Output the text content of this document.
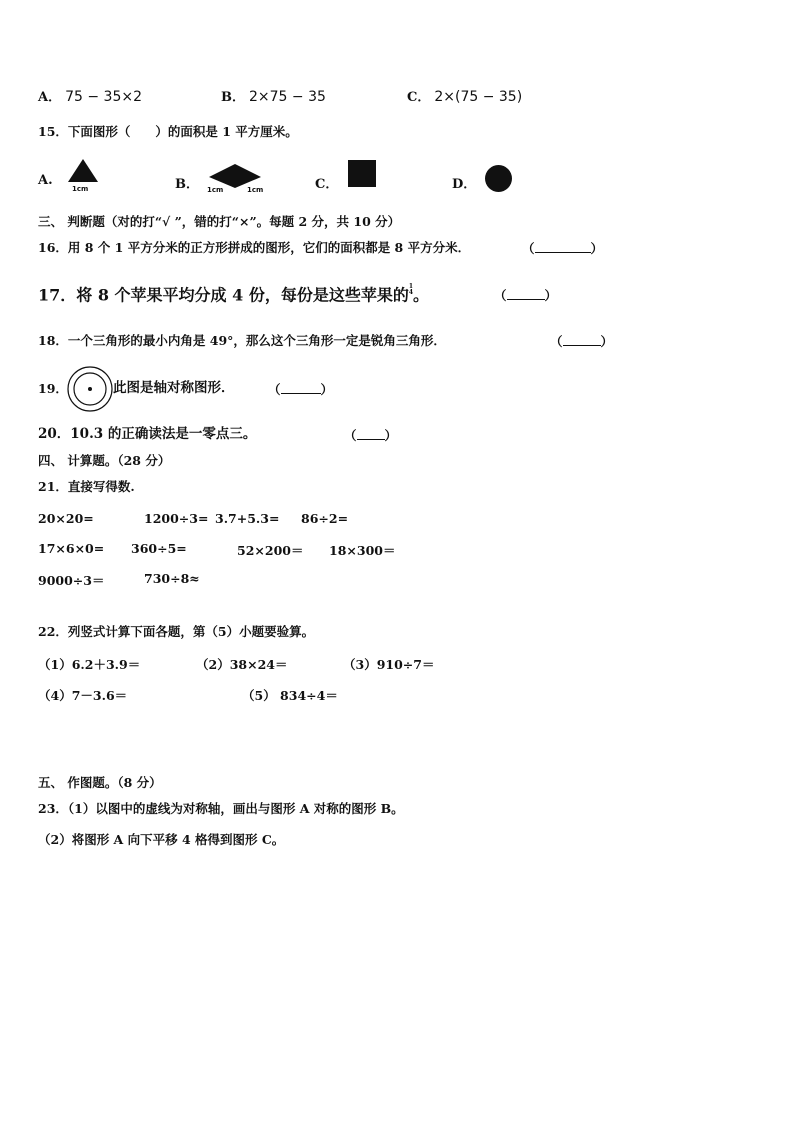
A． 75 − 35×2	B． 2×75 − 35	C． 2×(75 − 35)
15．下面图形（　　）的面积是 1 平方厘米。
A.
1cm	B． 1cm	1cm	C．	D．
三、 判断题（对的打“√ ”，错的打“×”。每题 2 分，共 10 分）
16．用 8 个 1 平方分米的正方形拼成的图形，它们的面积都是 8 平方分米．	（	）
17．将 8 个苹果平均分成 4 份，每份是这些苹果的 1
4 。	（	）
18．一个三角形的最小内角是 49°，那么这个三角形一定是锐角三角形．	（	）
19．	此图是轴对称图形．	（	）
20．10.3 的正确读法是一零点三。	（ ）
四、 计算题。（28 分）
21．直接写得数.
20×20=	1200÷3= 3.7+5.3= 86÷2=
17×6×0= 360÷5=	52×200＝ 18×300＝
9000÷3＝	730÷8≈
22．列竖式计算下面各题，第（5）小题要验算。
（1）6.2＋3.9＝	（2）38×24＝	（3）910÷7＝
（4）7－3.6＝	（5） 834÷4＝
五、 作图题。（8 分）
23．（1）以图中的虚线为对称轴，画出与图形 A 对称的图形 B。
（2）将图形 A 向下平移 4 格得到图形 C。
